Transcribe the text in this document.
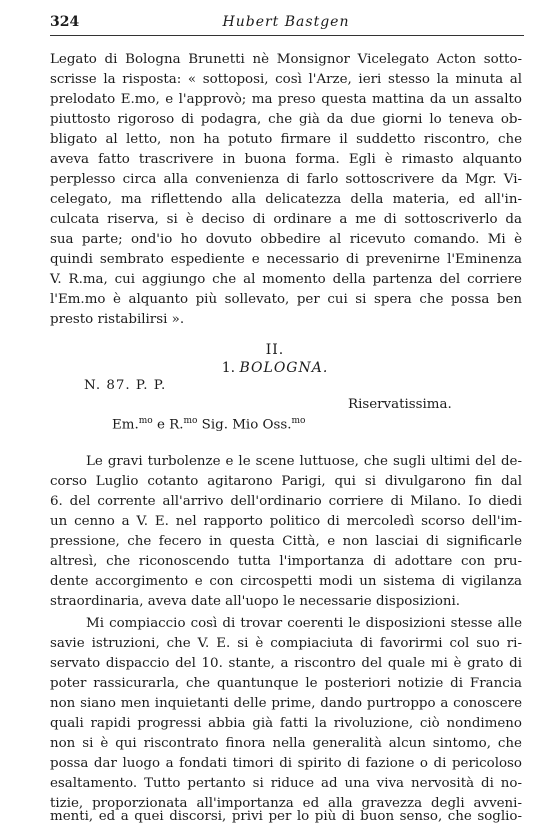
324	Hubert Bastgen
Legato di Bologna Brunetti nè Monsignor Vicelegato Acton sotto-
scrisse la risposta: « sottoposi, così l'Arze, ieri stesso la minuta al
prelodato E.mo, e l'approvò; ma preso questa mattina da un assalto
piuttosto rigoroso di podagra, che già da due giorni lo teneva ob-
bligato al letto, non ha potuto firmare il suddetto riscontro, che
aveva fatto trascrivere in buona forma. Egli è rimasto alquanto
perplesso circa alla convenienza di farlo sottoscrivere da Mgr. Vi-
celegato, ma riflettendo alla delicatezza della materia, ed all'in-
culcata riserva, si è deciso di ordinare a me di sottoscriverlo da
sua parte; ond'io ho dovuto obbedire al ricevuto comando. Mi è
quindi sembrato espediente e necessario di prevenirne l'Eminenza
V. R.ma, cui aggiungo che al momento della partenza del corriere
l'Em.mo è alquanto più sollevato, per cui si spera che possa ben
presto ristabilirsi ».
II.
1. BOLOGNA.
N. 87. P. P.
Riservatissima.
Em.$^{mo}$ e R.$^{mo}$ Sig. Mio Oss.$^{mo}$
Le gravi turbolenze e le scene luttuose, che sugli ultimi del de-
corso Luglio cotanto agitarono Parigi, qui si divulgarono fin dal
6. del corrente all'arrivo dell'ordinario corriere di Milano. Io diedi
un cenno a V. E. nel rapporto politico di mercoledì scorso dell'im-
pressione, che fecero in questa Città, e non lasciai di significarle
altresì, che riconoscendo tutta l'importanza di adottare con pru-
dente accorgimento e con circospetti modi un sistema di vigilanza
straordinaria, aveva date all'uopo le necessarie disposizioni.
Mi compiaccio così di trovar coerenti le disposizioni stesse alle
savie istruzioni, che V. E. si è compiaciuta di favorirmi col suo ri-
servato dispaccio del 10. stante, a riscontro del quale mi è grato di
poter rassicurarla, che quantunque le posteriori notizie di Francia
non siano men inquietanti delle prime, dando purtroppo a conoscere
quali rapidi progressi abbia già fatti la rivoluzione, ciò nondimeno
non si è qui riscontrato finora nella generalità alcun sintomo, che
possa dar luogo a fondati timori di spirito di fazione o di pericoloso
esaltamento. Tutto pertanto si riduce ad una viva nervosità di no-
tizie, proporzionata all'importanza ed alla gravezza degli avveni-
menti, ed a quei discorsi, privi per lo più di buon senso, che soglio-
